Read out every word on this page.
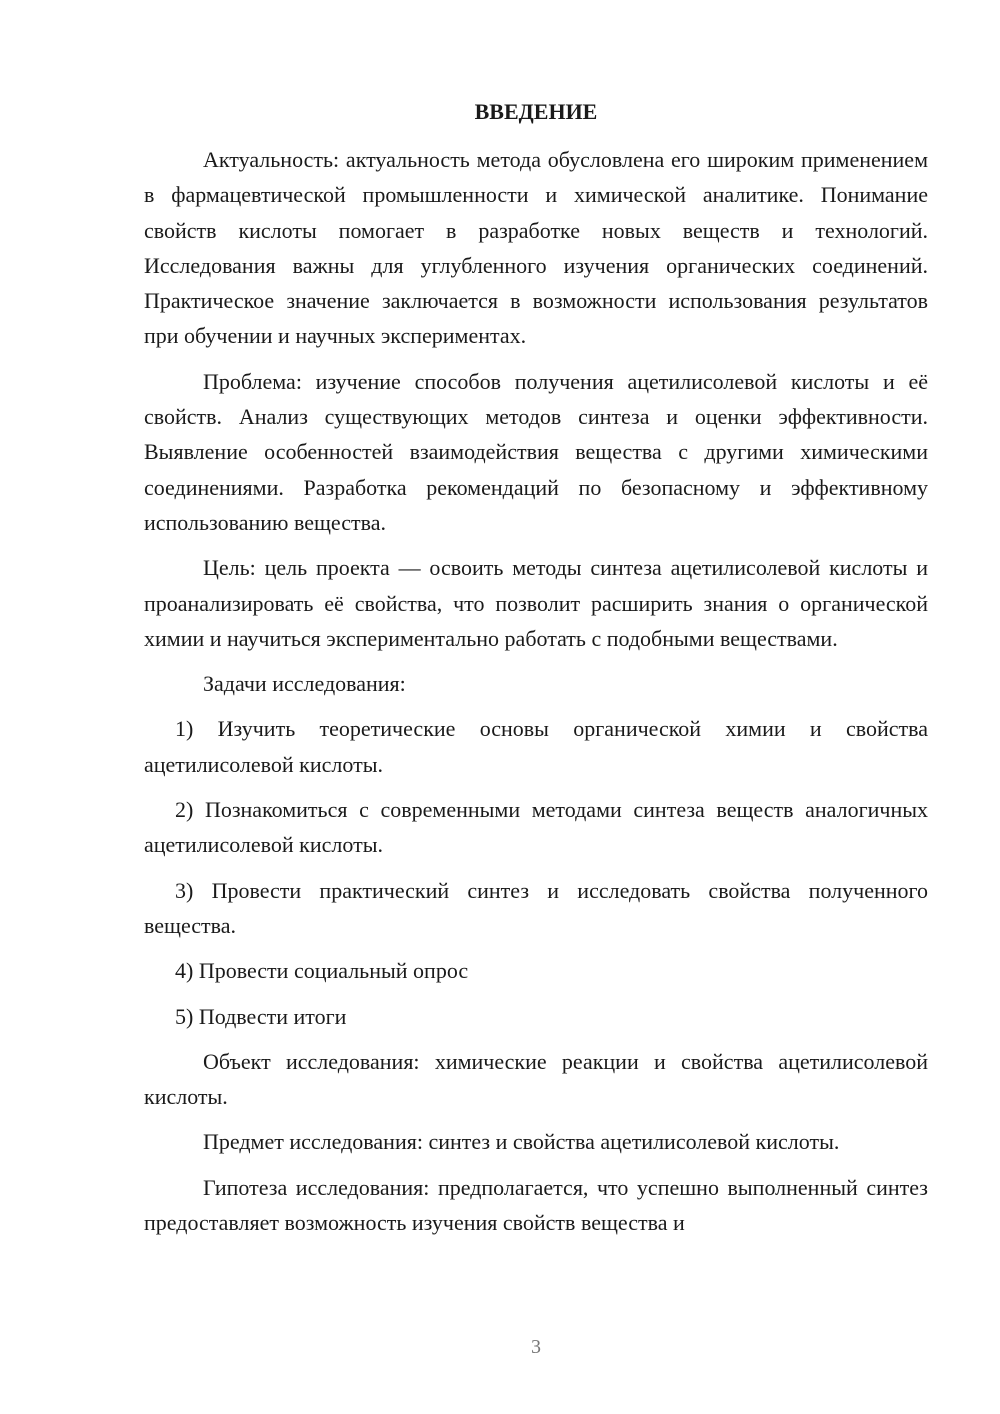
ВВЕДЕНИЕ

Актуальность: актуальность метода обусловлена его широким применением в фармацевтической промышленности и химической аналитике. Понимание свойств кислоты помогает в разработке новых веществ и технологий. Исследования важны для углубленного изучения органических соединений. Практическое значение заключается в возможности использования результатов при обучении и научных экспериментах.

Проблема: изучение способов получения ацетилисолевой кислоты и её свойств. Анализ существующих методов синтеза и оценки эффективности. Выявление особенностей взаимодействия вещества с другими химическими соединениями. Разработка рекомендаций по безопасному и эффективному использованию вещества.

Цель: цель проекта — освоить методы синтеза ацетилисолевой кислоты и проанализировать её свойства, что позволит расширить знания о органической химии и научиться экспериментально работать с подобными веществами.

Задачи исследования:

1) Изучить теоретические основы органической химии и свойства ацетилисолевой кислоты.

2) Познакомиться с современными методами синтеза веществ аналогичных ацетилисолевой кислоты.

3) Провести практический синтез и исследовать свойства полученного вещества.

4) Провести социальный опрос

5) Подвести итоги

Объект исследования: химические реакции и свойства ацетилисолевой кислоты.

Предмет исследования: синтез и свойства ацетилисолевой кислоты.

Гипотеза исследования: предполагается, что успешно выполненный синтез предоставляет возможность изучения свойств вещества и

3
